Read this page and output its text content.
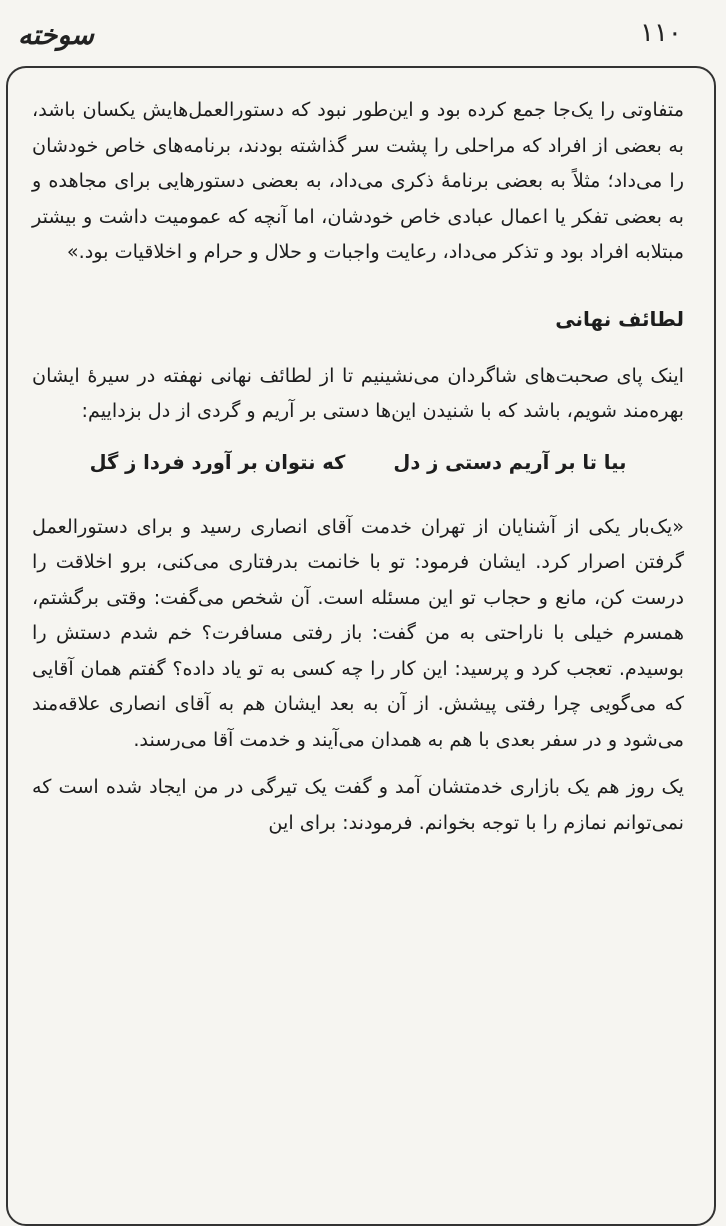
۱۱۰
سوخته

متفاوتی را یک‌جا جمع کرده بود و این‌طور نبود که دستورالعمل‌هایش یکسان باشد، به بعضی از افراد که مراحلی را پشت سر گذاشته بودند، برنامه‌های خاص خودشان را می‌داد؛ مثلاً به بعضی برنامهٔ ذکری می‌داد، به بعضی دستورهایی برای مجاهده و به بعضی تفکر یا اعمال عبادی خاص خودشان، اما آنچه که عمومیت داشت و بیشتر مبتلابه افراد بود و تذکر می‌داد، رعایت واجبات و حلال و حرام و اخلاقیات بود.»

لطائف نهانی

اینک پای صحبت‌های شاگردان می‌نشینیم تا از لطائف نهانی نهفته در سیرهٔ ایشان بهره‌مند شویم، باشد که با شنیدن این‌ها دستی بر آریم و گردی از دل بزداییم:

بیا تا بر آریم دستی ز دل
که نتوان بر آورد فردا ز گل

«یک‌بار یکی از آشنایان از تهران خدمت آقای انصاری رسید و برای دستورالعمل گرفتن اصرار کرد. ایشان فرمود: تو با خانمت بدرفتاری می‌کنی، برو اخلاقت را درست کن، مانع و حجاب تو این مسئله است. آن شخص می‌گفت: وقتی برگشتم، همسرم خیلی با ناراحتی به من گفت: باز رفتی مسافرت؟ خم شدم دستش را بوسیدم. تعجب کرد و پرسید: این کار را چه کسی به تو یاد داده؟ گفتم همان آقایی که می‌گویی چرا رفتی پیشش. از آن به بعد ایشان هم به آقای انصاری علاقه‌مند می‌شود و در سفر بعدی با هم به همدان می‌آیند و خدمت آقا می‌رسند.

یک روز هم یک بازاری خدمتشان آمد و گفت یک تیرگی در من ایجاد شده است که نمی‌توانم نمازم را با توجه بخوانم. فرمودند: برای این
